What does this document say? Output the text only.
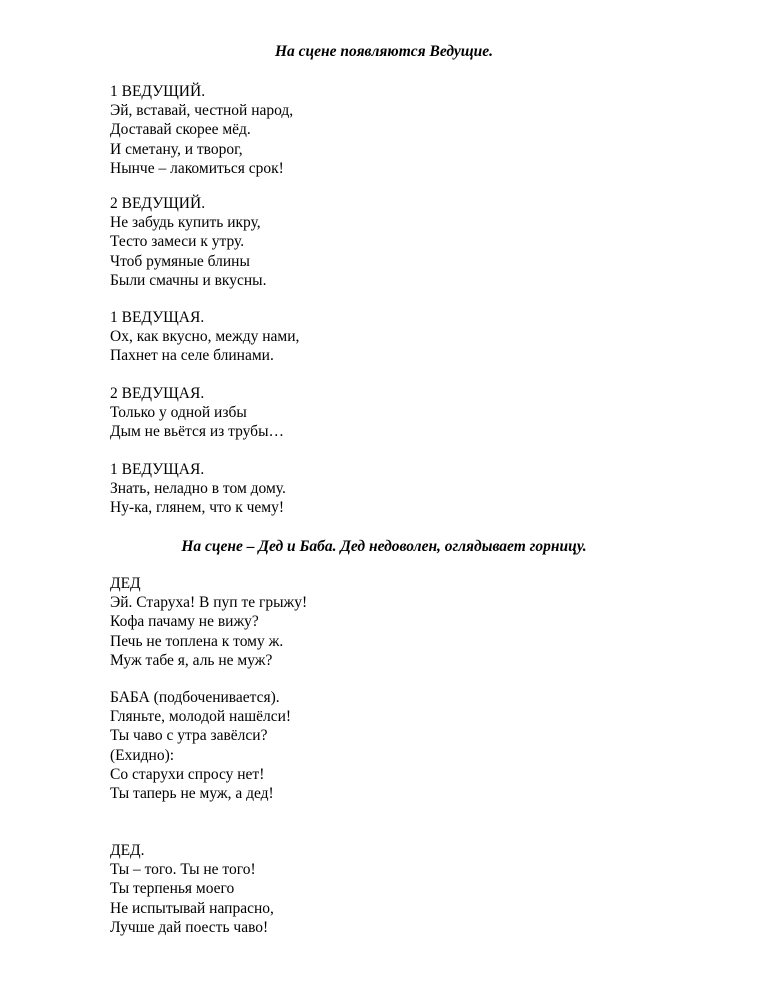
На сцене появляются Ведущие.

1 ВЕДУЩИЙ.
Эй, вставай, честной народ,
Доставай скорее мёд.
И сметану, и творог,
Нынче – лакомиться срок!
2 ВЕДУЩИЙ.
Не забудь купить икру,
Тесто замеси к утру.
Чтоб румяные блины
Были смачны и вкусны.
1 ВЕДУЩАЯ.
Ох, как вкусно, между нами,
Пахнет на селе блинами.
2 ВЕДУЩАЯ.
Только у одной избы
Дым не вьётся из трубы…
1 ВЕДУЩАЯ.
Знать, неладно в том дому.
Ну-ка, глянем, что к чему!

На сцене – Дед и Баба. Дед недоволен, оглядывает горницу.

ДЕД
Эй. Старуха! В пуп те грыжу!
Кофа пачаму не вижу?
Печь не топлена к тому ж.
Муж табе я, аль не муж?
БАБА (подбоченивается).
Гляньте, молодой нашёлси!
Ты чаво с утра завёлси?
(Ехидно):
Со старухи спросу нет!
Ты таперь не муж, а дед!
ДЕД.
Ты – того. Ты не того!
Ты терпенья моего
Не испытывай напрасно,
Лучше дай поесть чаво!
